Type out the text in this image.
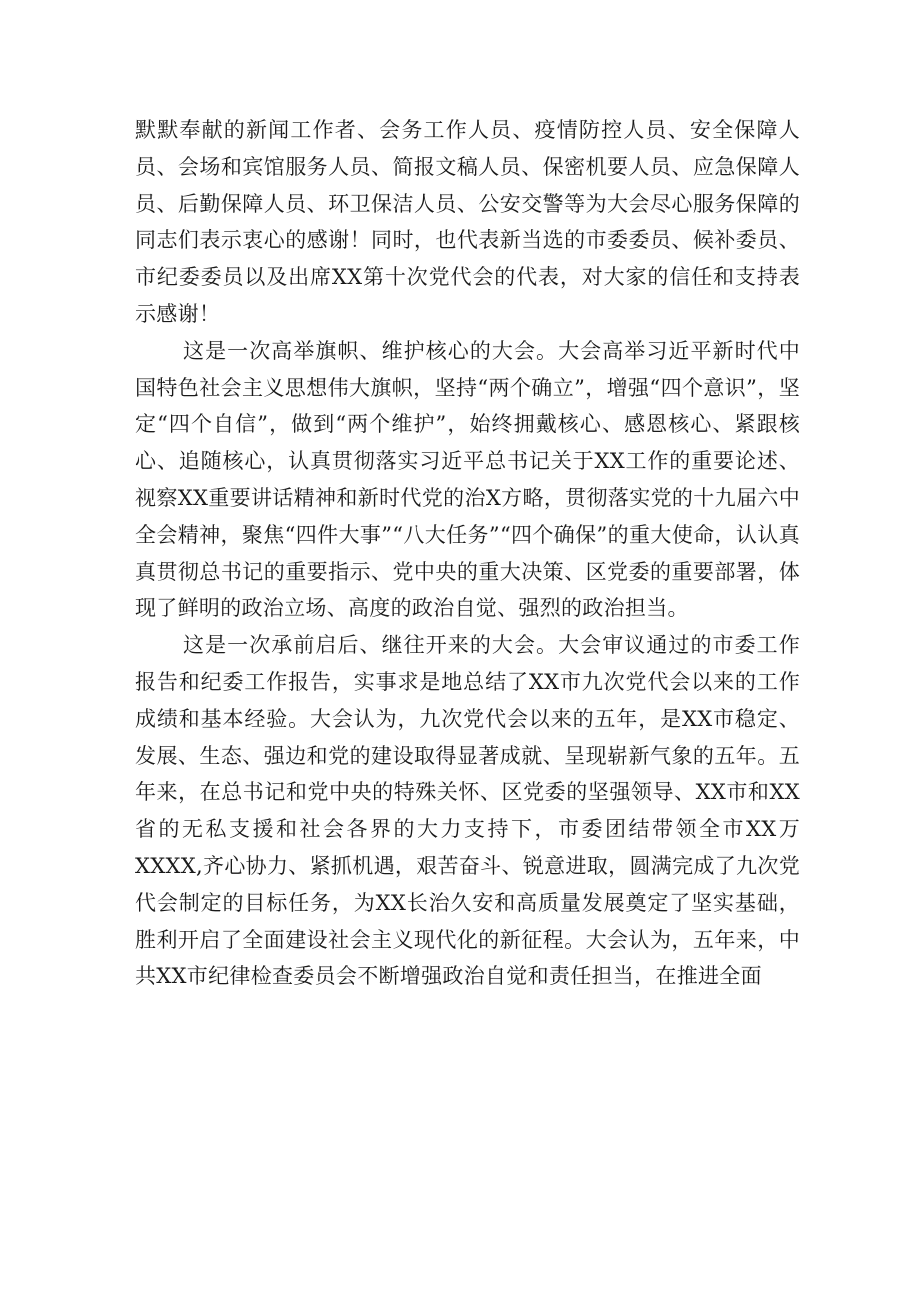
默默奉献的新闻工作者、会务工作人员、疫情防控人员、安全保障人员、会场和宾馆服务人员、简报文稿人员、保密机要人员、应急保障人员、后勤保障人员、环卫保洁人员、公安交警等为大会尽心服务保障的同志们表示衷心的感谢！同时，也代表新当选的市委委员、候补委员、市纪委委员以及出席XX第十次党代会的代表，对大家的信任和支持表示感谢！

这是一次高举旗帜、维护核心的大会。大会高举习近平新时代中国特色社会主义思想伟大旗帜，坚持“两个确立”，增强“四个意识”，坚定“四个自信”，做到“两个维护”，始终拥戴核心、感恩核心、紧跟核心、追随核心，认真贯彻落实习近平总书记关于XX工作的重要论述、视察XX重要讲话精神和新时代党的治X方略，贯彻落实党的十九届六中全会精神，聚焦“四件大事”“八大任务”“四个确保”的重大使命，认认真真贯彻总书记的重要指示、党中央的重大决策、区党委的重要部署，体现了鲜明的政治立场、高度的政治自觉、强烈的政治担当。

这是一次承前启后、继往开来的大会。大会审议通过的市委工作报告和纪委工作报告，实事求是地总结了XX市九次党代会以来的工作成绩和基本经验。大会认为，九次党代会以来的五年，是XX市稳定、发展、生态、强边和党的建设取得显著成就、呈现崭新气象的五年。五年来，在总书记和党中央的特殊关怀、区党委的坚强领导、XX市和XX省的无私支援和社会各界的大力支持下，市委团结带领全市XX万XXXX,齐心协力、紧抓机遇，艰苦奋斗、锐意进取，圆满完成了九次党代会制定的目标任务，为XX长治久安和高质量发展奠定了坚实基础，胜利开启了全面建设社会主义现代化的新征程。大会认为，五年来，中共XX市纪律检查委员会不断增强政治自觉和责任担当，在推进全面
